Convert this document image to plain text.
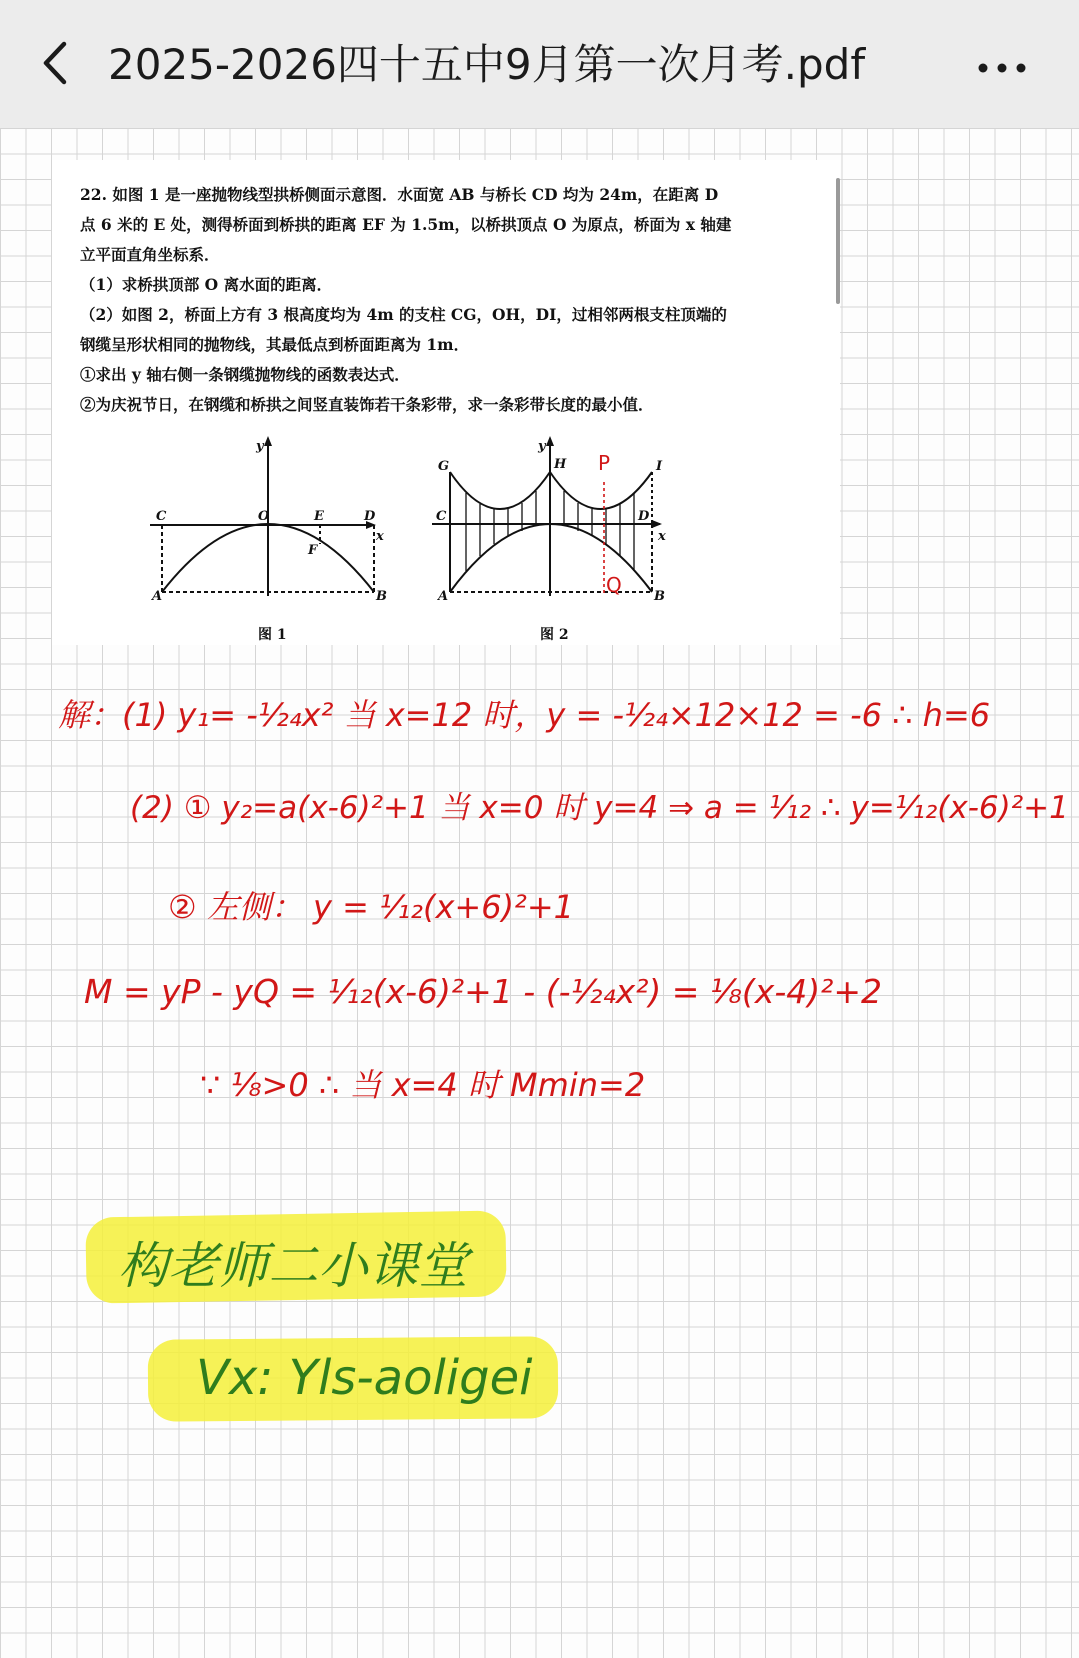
2025-2026四十五中9月第一次月考.pdf
22. 如图 1 是一座抛物线型拱桥侧面示意图．水面宽 AB 与桥长 CD 均为 24m，在距离 D
点 6 米的 E 处，测得桥面到桥拱的距离 EF 为 1.5m，以桥拱顶点 O 为原点，桥面为 x 轴建
立平面直角坐标系．
（1）求桥拱顶部 O 离水面的距离．
（2）如图 2，桥面上方有 3 根高度均为 4m 的支柱 CG，OH，DI，过相邻两根支柱顶端的
钢缆呈形状相同的抛物线，其最低点到桥面距离为 1m．
①求出 y 轴右侧一条钢缆抛物线的函数表达式．
②为庆祝节日，在钢缆和桥拱之间竖直装饰若干条彩带，求一条彩带长度的最小值．
y
x
C	O	E	D
F
A	B
图 1
y
x
G	H	I
C	D
A	B
P
Q
图 2
解：(1) y₁= -¹⁄₂₄x² 当 x=12 时，y = -¹⁄₂₄×12×12 = -6 ∴ h=6
(2) ① y₂=a(x-6)²+1 当 x=0 时 y=4 ⇒ a = ¹⁄₁₂ ∴ y=¹⁄₁₂(x-6)²+1
② 左侧： y = ¹⁄₁₂(x+6)²+1
M = yP - yQ = ¹⁄₁₂(x-6)²+1 - (-¹⁄₂₄x²) = ⅛(x-4)²+2
∵ ⅛>0 ∴ 当 x=4 时 Mmin=2
构老师二小课堂
Vx: Yls-aoligei
